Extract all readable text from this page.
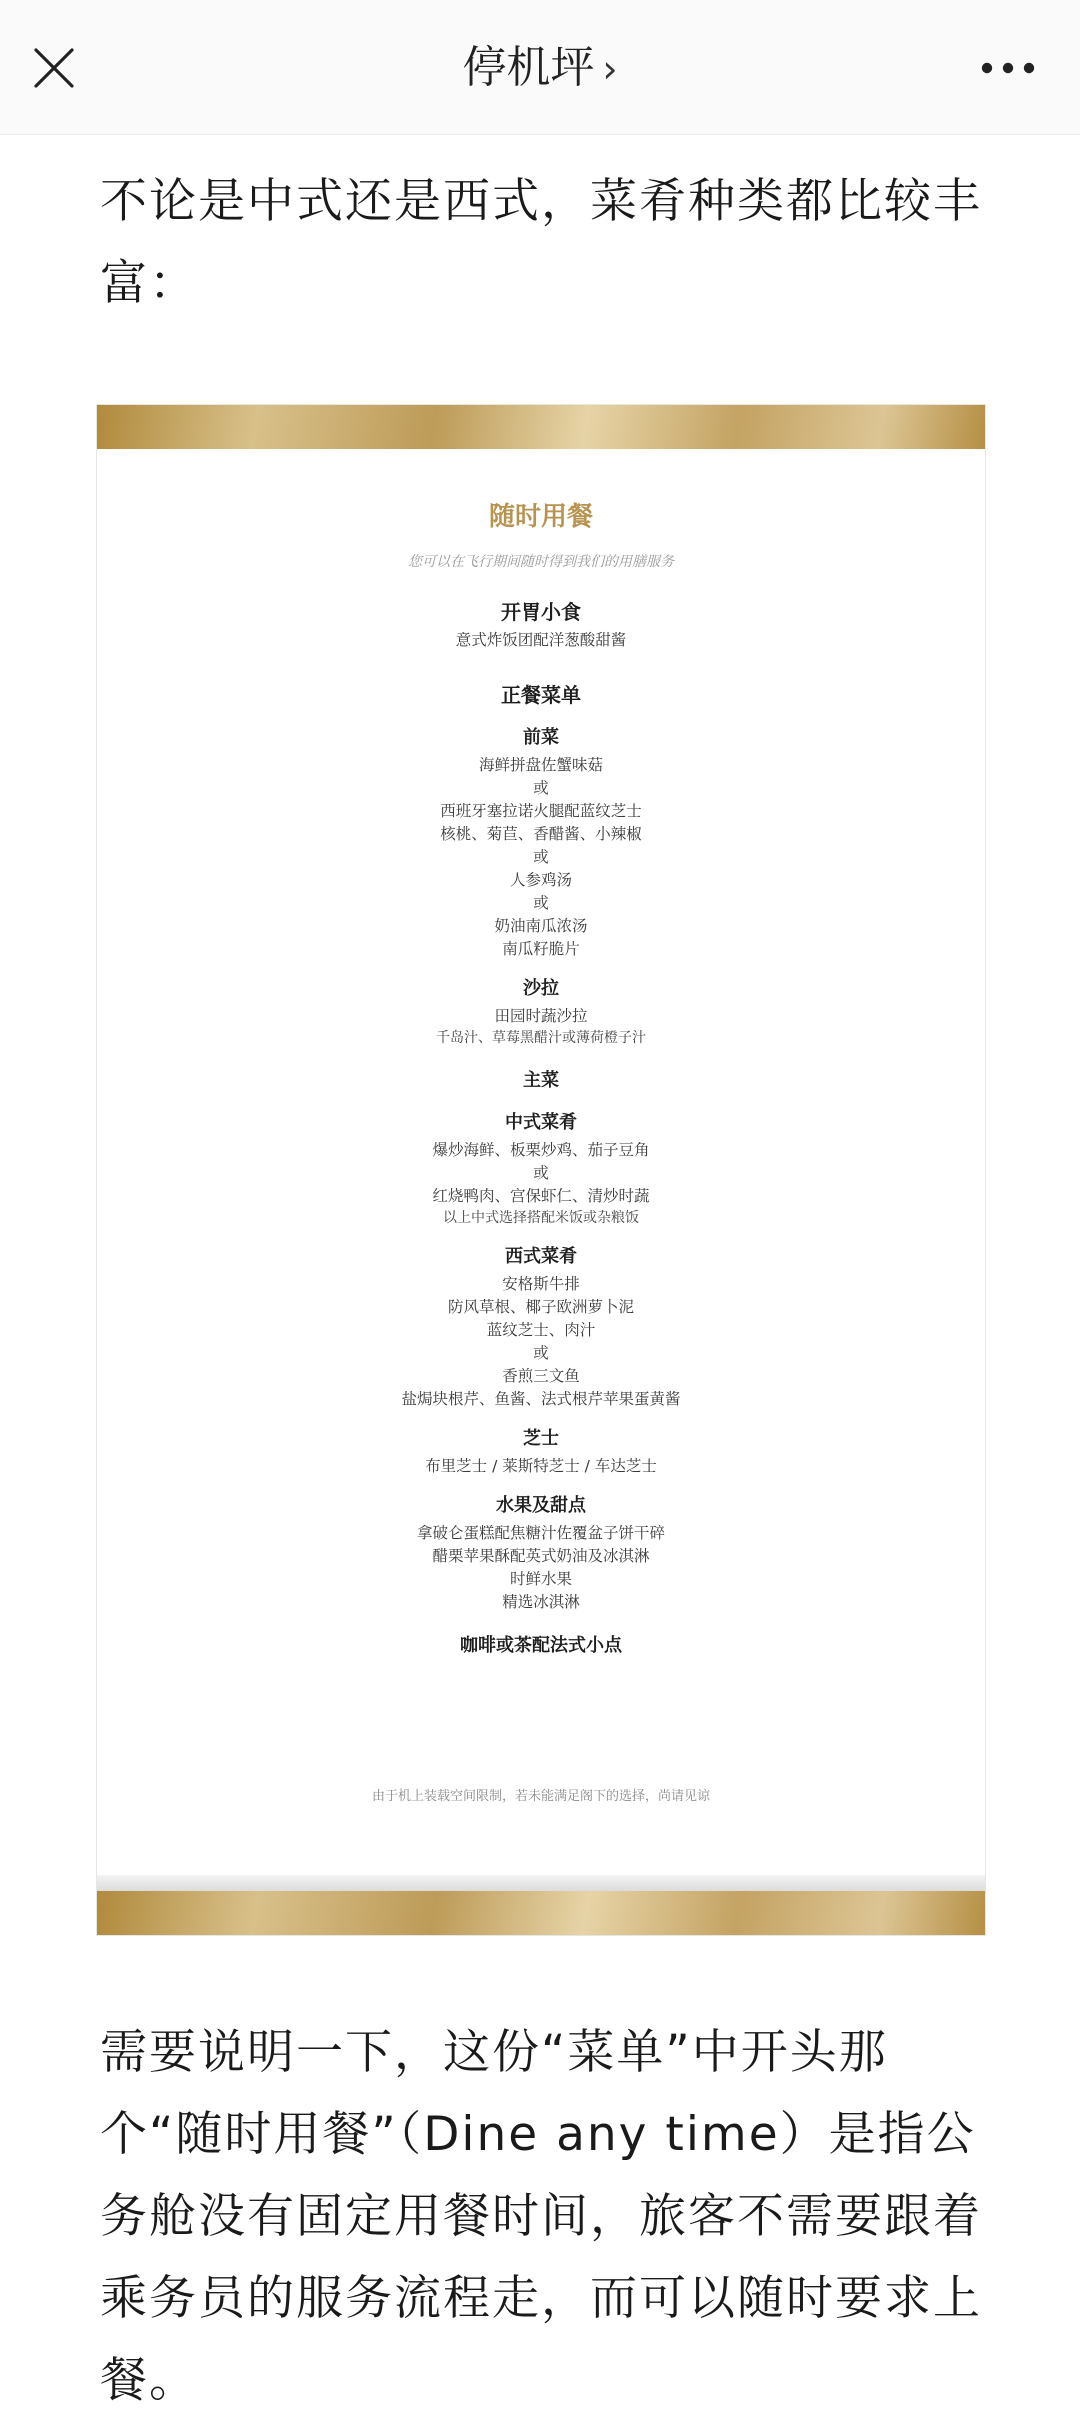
停机坪 ›

不论是中式还是西式，菜肴种类都比较丰富：

随时用餐

您可以在飞行期间随时得到我们的用膳服务

开胃小食

意式炸饭团配洋葱酸甜酱

正餐菜单

前菜

海鲜拼盘佐蟹味菇

或

西班牙塞拉诺火腿配蓝纹芝士

核桃、菊苣、香醋酱、小辣椒

或

人参鸡汤

或

奶油南瓜浓汤

南瓜籽脆片

沙拉

田园时蔬沙拉

千岛汁、草莓黑醋汁或薄荷橙子汁

主菜

中式菜肴

爆炒海鲜、板栗炒鸡、茄子豆角

或

红烧鸭肉、宫保虾仁、清炒时蔬

以上中式选择搭配米饭或杂粮饭

西式菜肴

安格斯牛排

防风草根、椰子欧洲萝卜泥

蓝纹芝士、肉汁

或

香煎三文鱼

盐焗块根芹、鱼酱、法式根芹苹果蛋黄酱

芝士

布里芝士 / 莱斯特芝士 / 车达芝士

水果及甜点

拿破仑蛋糕配焦糖汁佐覆盆子饼干碎

醋栗苹果酥配英式奶油及冰淇淋

时鲜水果

精选冰淇淋

咖啡或茶配法式小点

由于机上装载空间限制，若未能满足阁下的选择，尚请见谅

需要说明一下，这份“菜单”中开头那个“随时用餐”（Dine any time）是指公务舱没有固定用餐时间，旅客不需要跟着乘务员的服务流程走，而可以随时要求上餐。
